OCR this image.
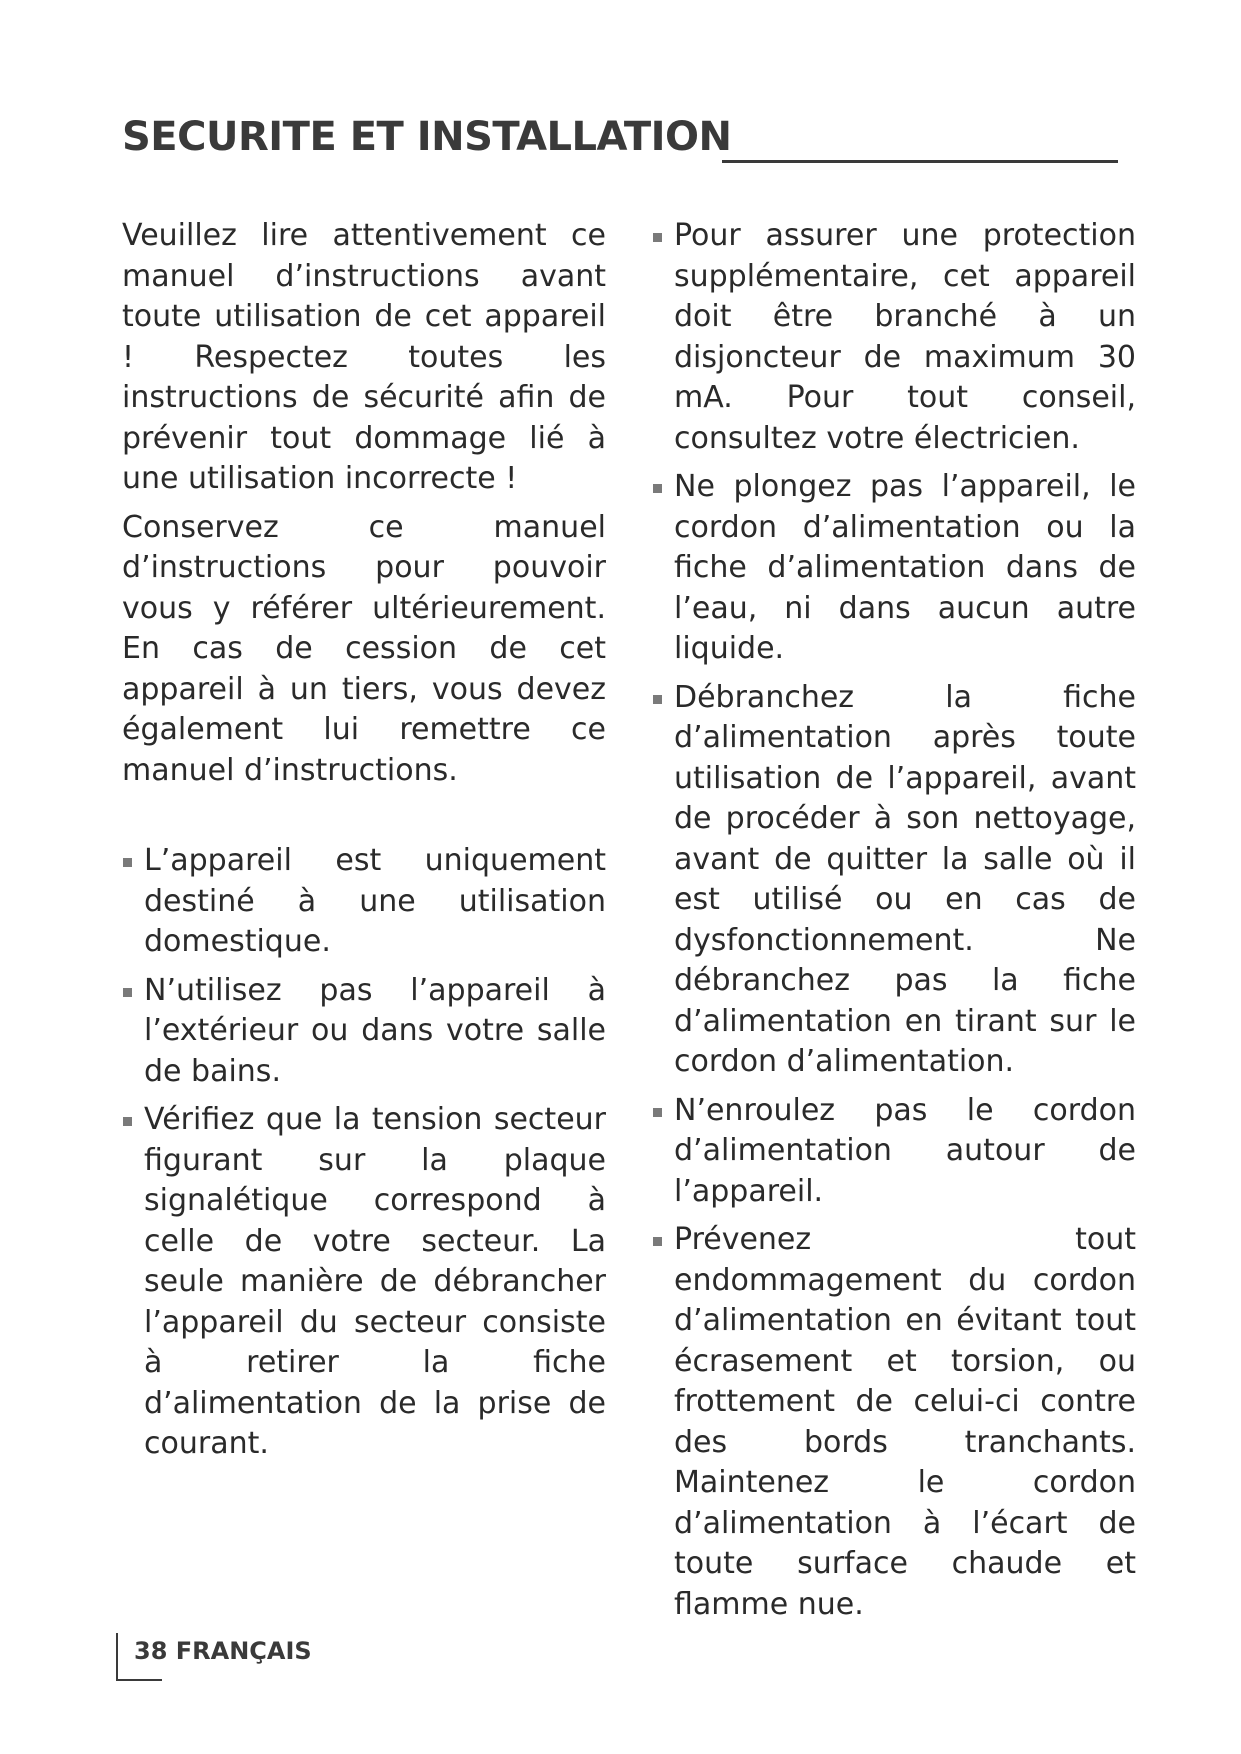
SECURITE ET INSTALLATION

Veuillez lire attentivement ce manuel d’instructions avant toute utilisation de cet appareil ! Respectez toutes les instructions de sécurité afin de prévenir tout dommage lié à une utilisation incorrecte !

Conservez ce manuel d’instructions pour pouvoir vous y référer ultérieurement. En cas de cession de cet appareil à un tiers, vous devez également lui remettre ce manuel d’instructions.

L’appareil est uniquement destiné à une utilisation domestique.
N’utilisez pas l’appareil à l’extérieur ou dans votre salle de bains.
Vérifiez que la tension secteur figurant sur la plaque signalétique correspond à celle de votre secteur. La seule manière de débrancher l’appareil du secteur consiste à retirer la fiche d’alimentation de la prise de courant.
Pour assurer une protection supplémentaire, cet appareil doit être branché à un disjoncteur de maximum 30 mA. Pour tout conseil, consultez votre électricien.
Ne plongez pas l’appareil, le cordon d’alimentation ou la fiche d’alimentation dans de l’eau, ni dans aucun autre liquide.
Débranchez la fiche d’alimentation après toute utilisation de l’appareil, avant de procéder à son nettoyage, avant de quitter la salle où il est utilisé ou en cas de dysfonctionnement. Ne débranchez pas la fiche d’alimentation en tirant sur le cordon d’alimentation.
N’enroulez pas le cordon d’alimentation autour de l’appareil.
Prévenez tout endommagement du cordon d’alimentation en évitant tout écrasement et torsion, ou frottement de celui-ci contre des bords tranchants. Maintenez le cordon d’alimentation à l’écart de toute surface chaude et flamme nue.
38 FRANÇAIS
